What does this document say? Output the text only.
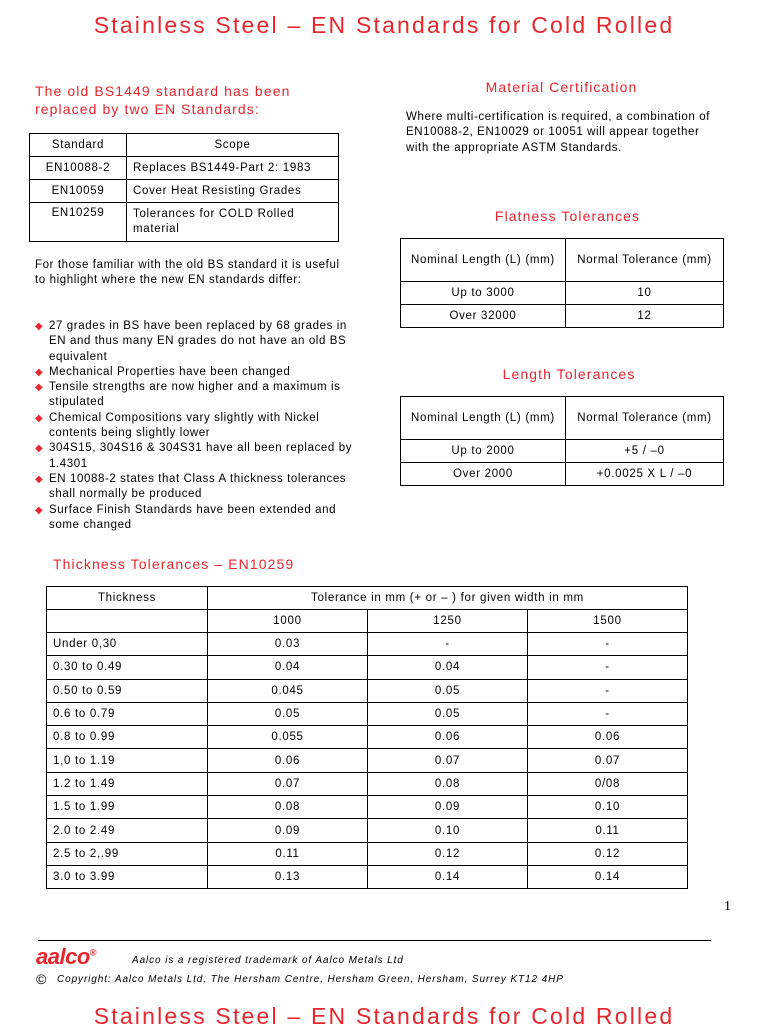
Stainless Steel – EN Standards for Cold Rolled
The old BS1449 standard has been replaced by two EN Standards:
Standard	Scope
EN10088-2	Replaces BS1449-Part 2: 1983
EN10059	Cover Heat Resisting Grades
EN10259	Tolerances for COLD Rolled material
For those familiar with the old BS standard it is useful to highlight where the new EN standards differ:
◆ 27 grades in BS have been replaced by 68 grades in EN and thus many EN grades do not have an old BS equivalent
◆ Mechanical Properties have been changed
◆ Tensile strengths are now higher and a maximum is stipulated
◆ Chemical Compositions vary slightly with Nickel contents being slightly lower
◆ 304S15, 304S16 & 304S31 have all been replaced by 1.4301
◆ EN 10088-2 states that Class A thickness tolerances shall normally be produced
◆ Surface Finish Standards have been extended and some changed
Material Certification
Where multi-certification is required, a combination of EN10088-2, EN10029 or 10051 will appear together with the appropriate ASTM Standards.
Flatness Tolerances
Nominal Length (L) (mm)	Normal Tolerance (mm)
Up to 3000	10
Over 32000	12
Length Tolerances
Nominal Length (L) (mm)	Normal Tolerance (mm)
Up to 2000	+5 / –0
Over 2000	+0.0025 X L / –0
Thickness Tolerances – EN10259
Thickness	Tolerance in mm (+ or – ) for given width in mm		
	1000	1250	1500
Under 0,30	0.03	-	-
0.30 to 0.49	0.04	0.04	-
0.50 to 0.59	0.045	0.05	-
0.6 to 0.79	0.05	0.05	-
0.8 to 0.99	0.055	0.06	0.06
1,0 to 1.19	0.06	0.07	0.07
1.2 to 1.49	0.07	0.08	0/08
1.5 to 1.99	0.08	0.09	0.10
2.0 to 2.49	0.09	0.10	0.11
2.5 to 2,.99	0.11	0.12	0.12
3.0 to 3.99	0.13	0.14	0.14
1
aalco®
Aalco is a registered trademark of Aalco Metals Ltd
© Copyright: Aalco Metals Ltd, The Hersham Centre, Hersham Green, Hersham, Surrey KT12 4HP
Stainless Steel – EN Standards for Cold Rolled
